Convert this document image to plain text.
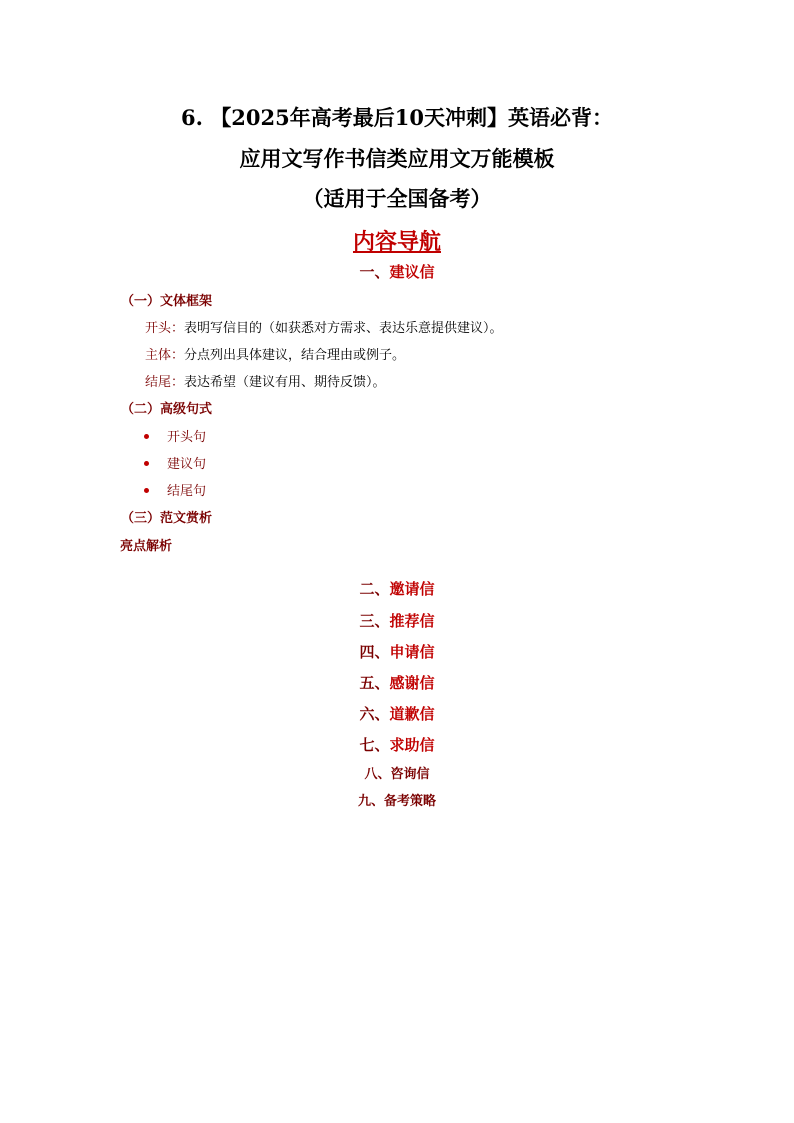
6. 【2025年高考最后10天冲刺】英语必背：
应用文写作书信类应用文万能模板
（适用于全国备考）
内容导航
一、建议信
（一）文体框架
开头：表明写信目的（如获悉对方需求、表达乐意提供建议）。
主体：分点列出具体建议，结合理由或例子。
结尾：表达希望（建议有用、期待反馈）。
（二）高级句式
开头句
建议句
结尾句
（三）范文赏析
亮点解析
二、邀请信
三、推荐信
四、申请信
五、感谢信
六、道歉信
七、求助信
八、咨询信
九、备考策略
